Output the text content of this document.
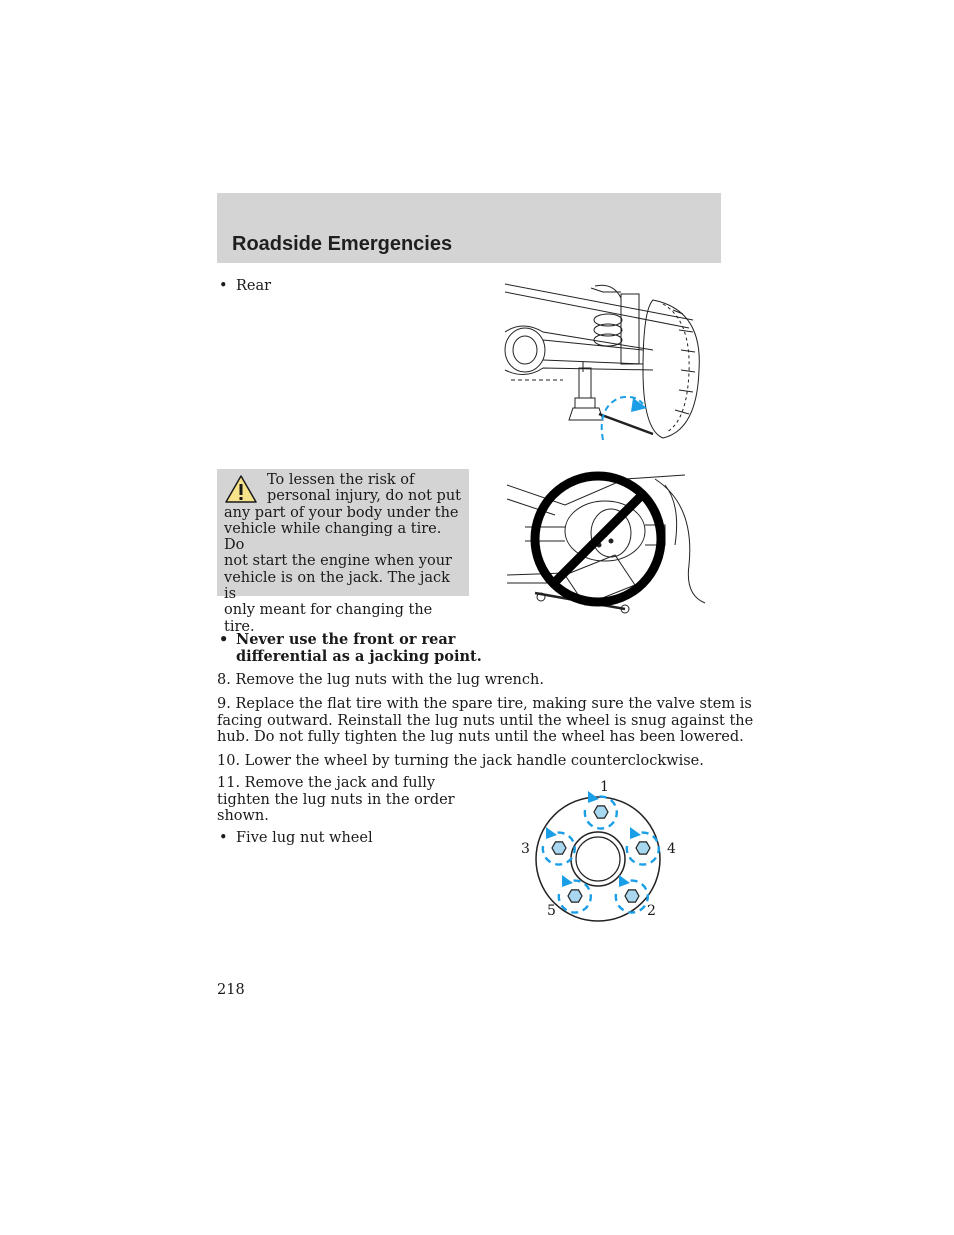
Roadside Emergencies
• Rear
To lessen the risk of
personal injury, do not put
any part of your body under the
vehicle while changing a tire. Do
not start the engine when your
vehicle is on the jack. The jack is
only meant for changing the tire.
• Never use the front or rear
differential as a jacking point.
8. Remove the lug nuts with the lug wrench.
9. Replace the flat tire with the spare tire, making sure the valve stem is
facing outward. Reinstall the lug nuts until the wheel is snug against the
hub. Do not fully tighten the lug nuts until the wheel has been lowered.
10. Lower the wheel by turning the jack handle counterclockwise.
11. Remove the jack and fully
tighten the lug nuts in the order
shown.
• Five lug nut wheel
1
2
3	4
5
218
